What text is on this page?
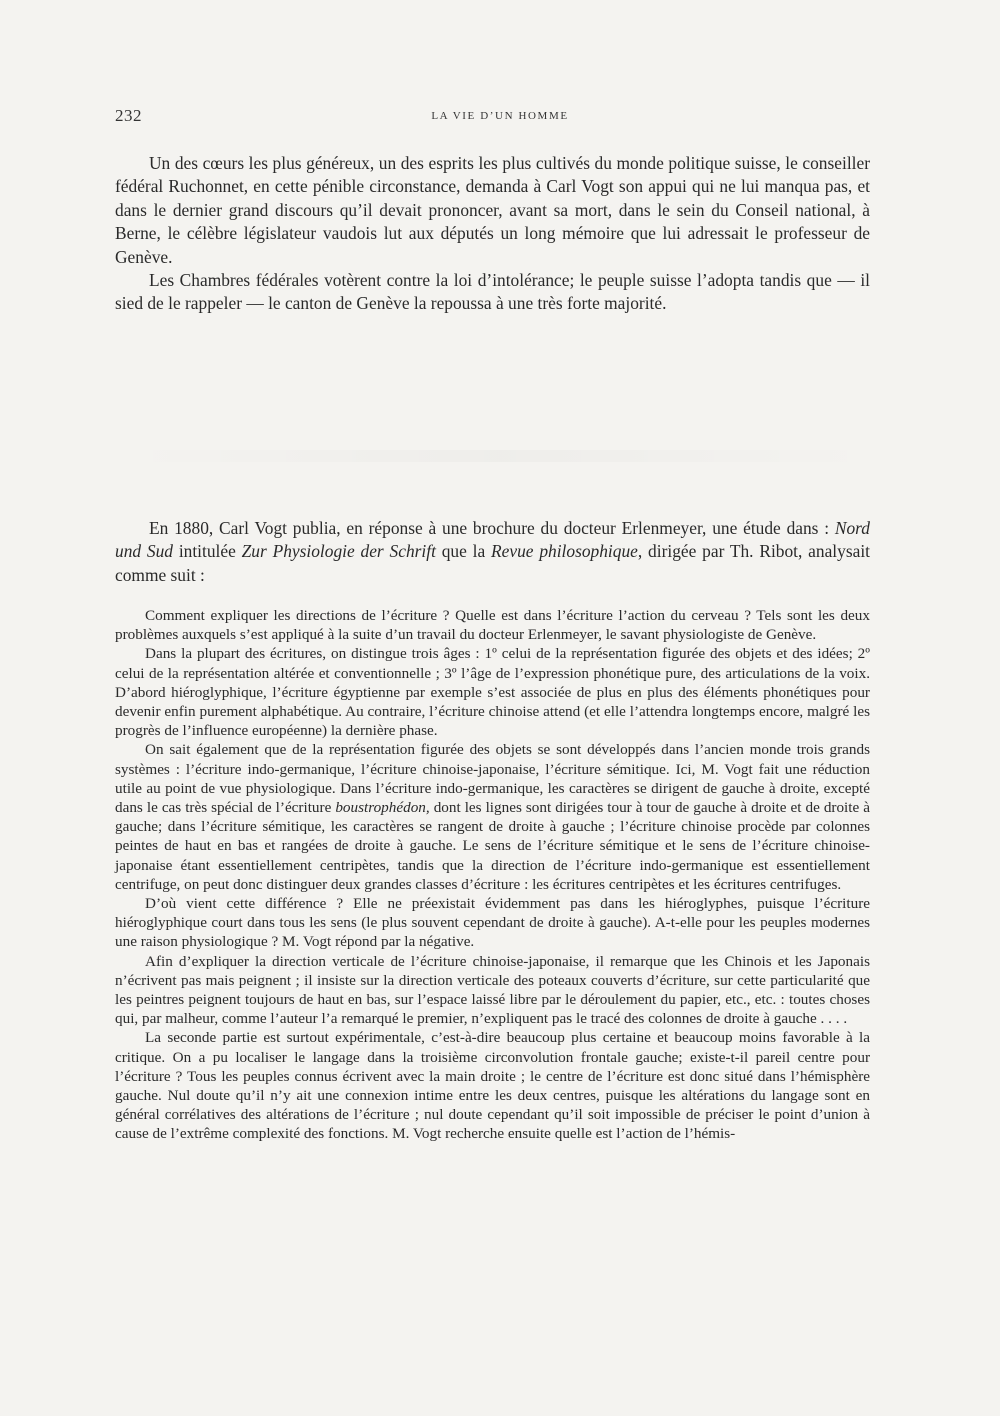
232	LA VIE D’UN HOMME

Un des cœurs les plus généreux, un des esprits les plus cultivés du monde politique suisse, le conseiller fédéral Ruchonnet, en cette pénible circonstance, demanda à Carl Vogt son appui qui ne lui manqua pas, et dans le dernier grand discours qu’il devait prononcer, avant sa mort, dans le sein du Conseil national, à Berne, le célèbre législateur vaudois lut aux députés un long mémoire que lui adressait le professeur de Genève.

Les Chambres fédérales votèrent contre la loi d’intolérance; le peuple suisse l’adopta tandis que — il sied de le rappeler — le canton de Genève la repoussa à une très forte majorité.

En 1880, Carl Vogt publia, en réponse à une brochure du docteur Erlenmeyer, une étude dans : Nord und Sud intitulée Zur Physiologie der Schrift que la Revue philosophique, dirigée par Th. Ribot, analysait comme suit :

Comment expliquer les directions de l’écriture ? Quelle est dans l’écriture l’action du cerveau ? Tels sont les deux problèmes auxquels s’est appliqué à la suite d’un travail du docteur Erlenmeyer, le savant physiologiste de Genève.

Dans la plupart des écritures, on distingue trois âges : 1º celui de la représentation figurée des objets et des idées; 2º celui de la représentation altérée et conventionnelle ; 3º l’âge de l’expression phonétique pure, des articulations de la voix. D’abord hiéroglyphique, l’écriture égyptienne par exemple s’est associée de plus en plus des éléments phonétiques pour devenir enfin purement alphabétique. Au contraire, l’écriture chinoise attend (et elle l’attendra longtemps encore, malgré les progrès de l’influence européenne) la dernière phase.

On sait également que de la représentation figurée des objets se sont développés dans l’ancien monde trois grands systèmes : l’écriture indo-germanique, l’écriture chinoise-japonaise, l’écriture sémitique. Ici, M. Vogt fait une réduction utile au point de vue physiologique. Dans l’écriture indo-germanique, les caractères se dirigent de gauche à droite, excepté dans le cas très spécial de l’écriture boustrophédon, dont les lignes sont dirigées tour à tour de gauche à droite et de droite à gauche; dans l’écriture sémitique, les caractères se rangent de droite à gauche ; l’écriture chinoise procède par colonnes peintes de haut en bas et rangées de droite à gauche. Le sens de l’écriture sémitique et le sens de l’écriture chinoise-japonaise étant essentiellement centripètes, tandis que la direction de l’écriture indo-germanique est essentiellement centrifuge, on peut donc distinguer deux grandes classes d’écriture : les écritures centripètes et les écritures centrifuges.

D’où vient cette différence ? Elle ne préexistait évidemment pas dans les hiéroglyphes, puisque l’écriture hiéroglyphique court dans tous les sens (le plus souvent cependant de droite à gauche). A-t-elle pour les peuples modernes une raison physiologique ? M. Vogt répond par la négative.

Afin d’expliquer la direction verticale de l’écriture chinoise-japonaise, il remarque que les Chinois et les Japonais n’écrivent pas mais peignent ; il insiste sur la direction verticale des poteaux couverts d’écriture, sur cette particularité que les peintres peignent toujours de haut en bas, sur l’espace laissé libre par le déroulement du papier, etc., etc. : toutes choses qui, par malheur, comme l’auteur l’a remarqué le premier, n’expliquent pas le tracé des colonnes de droite à gauche . . . .

La seconde partie est surtout expérimentale, c’est-à-dire beaucoup plus certaine et beaucoup moins favorable à la critique. On a pu localiser le langage dans la troisième circonvolution frontale gauche; existe-t-il pareil centre pour l’écriture ? Tous les peuples connus écrivent avec la main droite ; le centre de l’écriture est donc situé dans l’hémisphère gauche. Nul doute qu’il n’y ait une connexion intime entre les deux centres, puisque les altérations du langage sont en général corrélatives des altérations de l’écriture ; nul doute cependant qu’il soit impossible de préciser le point d’union à cause de l’extrême complexité des fonctions. M. Vogt recherche ensuite quelle est l’action de l’hémis-
